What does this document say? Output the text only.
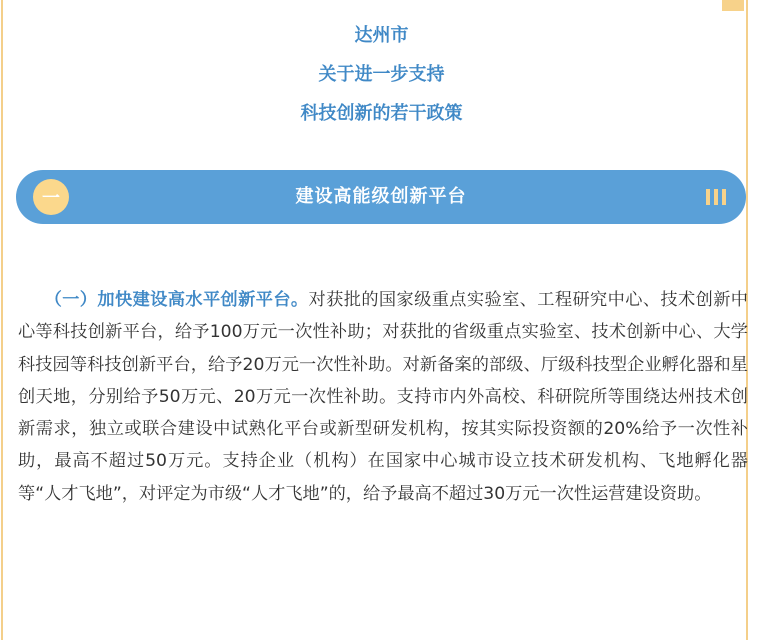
达州市
关于进一步支持
科技创新的若干政策
一	建设高能级创新平台
　　（一）加快建设高水平创新平台。对获批的国家级重点实验室、工程研究中心、技术创新中心等科技创新平台，给予100万元一次性补助；对获批的省级重点实验室、技术创新中心、大学科技园等科技创新平台，给予20万元一次性补助。对新备案的部级、厅级科技型企业孵化器和星创天地，分别给予50万元、20万元一次性补助。支持市内外高校、科研院所等围绕达州技术创新需求，独立或联合建设中试熟化平台或新型研发机构，按其实际投资额的20%给予一次性补助，最高不超过50万元。支持企业（机构）在国家中心城市设立技术研发机构、飞地孵化器等“人才飞地”，对评定为市级“人才飞地”的，给予最高不超过30万元一次性运营建设资助。
